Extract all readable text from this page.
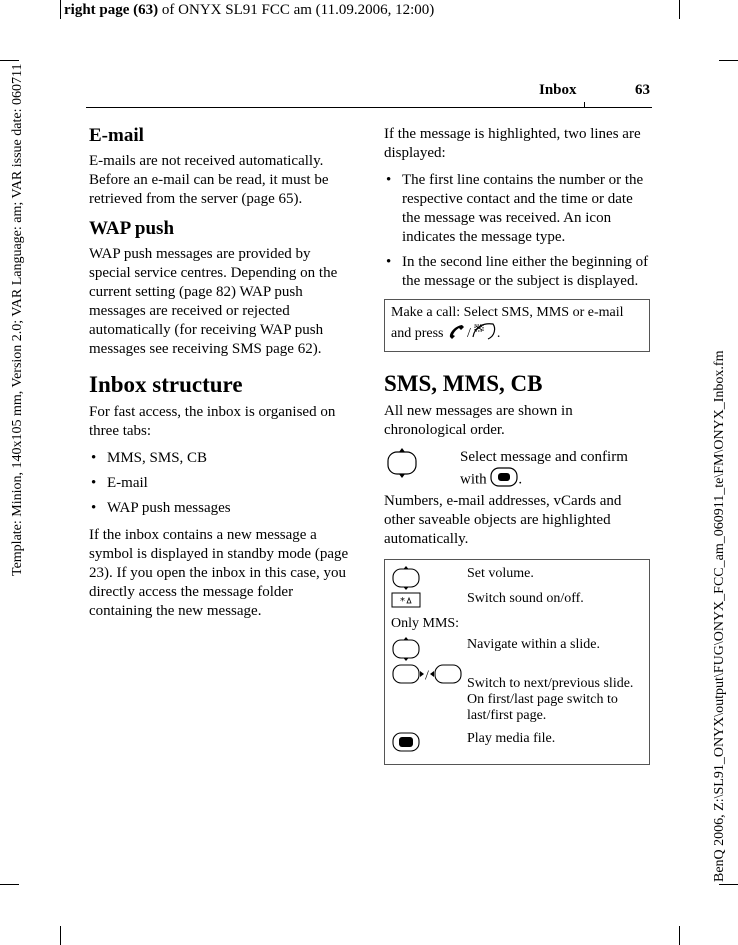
right page (63) of ONYX SL91 FCC am (11.09.2006, 12:00)
Template: Minion, 140x105 mm, Version 2.0; VAR Language: am; VAR issue date: 060711
BenQ 2006, Z:\SL91_ONYX\output\FUG\ONYX_FCC_am_060911_te\FM\ONYX_Inbox.fm
Inbox	63
E-mail
E-mails are not received automatically. Before an e-mail can be read, it must be retrieved from the server (page 65).
WAP push
WAP push messages are provided by special service centres. Depending on the current setting (page 82) WAP push messages are received or rejected automatically (for receiving WAP push messages see receiving SMS page 62).
Inbox structure
For fast access, the inbox is organised on three tabs:
• MMS, SMS, CB
• E-mail
• WAP push messages
If the inbox contains a new message a symbol is displayed in standby mode (page 23). If you open the inbox in this case, you directly access the message folder containing the new message.
If the message is highlighted, two lines are displayed:
• The first line contains the number or the respective contact and the time or date the message was received. An icon indicates the message type.
• In the second line either the beginning of the message or the subject is displayed.
Make a call: Select SMS, MMS or e-mail and press / .
SMS, MMS, CB
All new messages are shown in chronological order.
Select message and confirm with .
Numbers, e-mail addresses, vCards and other saveable objects are highlighted automatically.
Set volume.
*	Switch sound on/off.
Only MMS:
Navigate within a slide.
/	Switch to next/previous slide. On first/last page switch to last/first page.
Play media file.
